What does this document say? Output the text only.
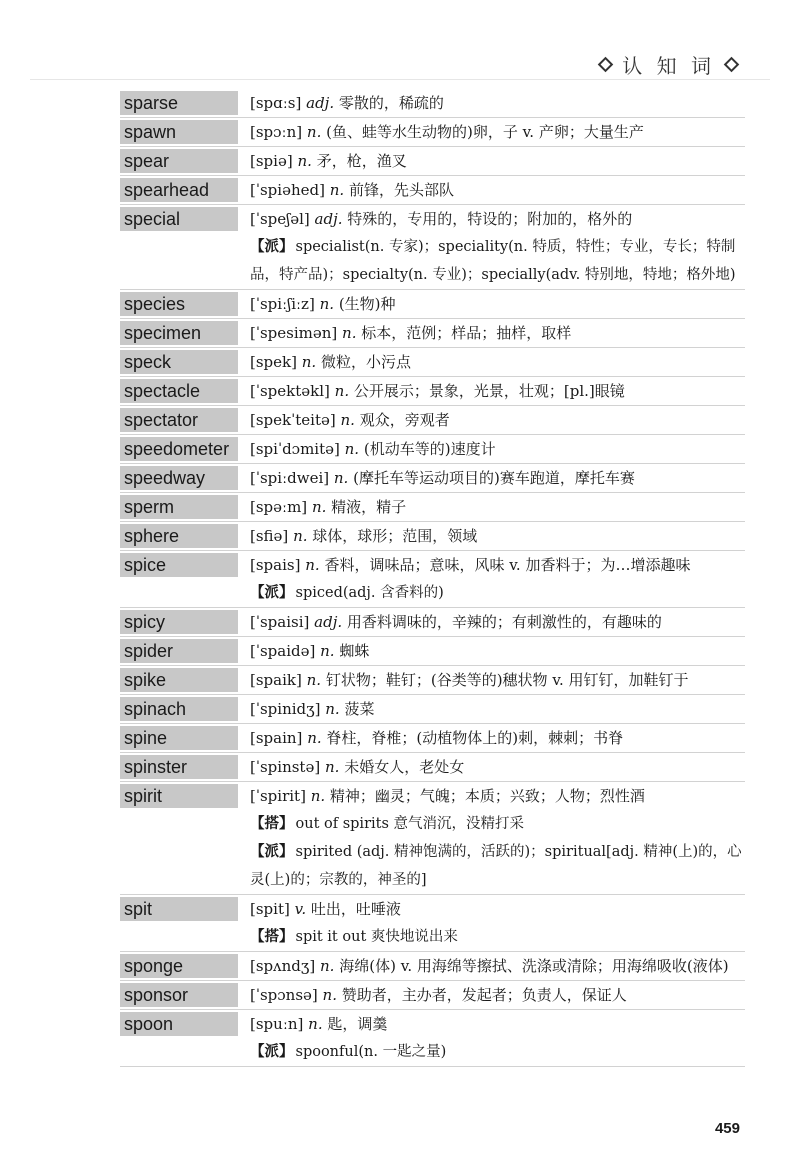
认 知 词
sparse	[spɑːs] adj. 零散的，稀疏的
spawn	[spɔːn] n. (鱼、蛙等水生动物的)卵，子 v. 产卵；大量生产
spear	[spiə] n. 矛，枪，渔叉
spearhead	[ˈspiəhed] n. 前锋，先头部队
special	[ˈspeʃəl] adj. 特殊的，专用的，特设的；附加的，格外的
【派】 specialist(n. 专家)；speciality(n. 特质，特性；专业，专长；特制品，特产品)；specialty(n. 专业)；specially(adv. 特别地，特地；格外地)
species	[ˈspiːʃiːz] n. (生物)种
specimen	[ˈspesimən] n. 标本，范例；样品；抽样，取样
speck	[spek] n. 微粒，小污点
spectacle	[ˈspektəkl] n. 公开展示；景象，光景，壮观；[pl.]眼镜
spectator	[spekˈteitə] n. 观众，旁观者
speedometer	[spiˈdɔmitə] n. (机动车等的)速度计
speedway	[ˈspiːdwei] n. (摩托车等运动项目的)赛车跑道，摩托车赛
sperm	[spəːm] n. 精液，精子
sphere	[sfiə] n. 球体，球形；范围，领域
spice	[spais] n. 香料，调味品；意味，风味 v. 加香料于；为…增添趣味
【派】 spiced(adj. 含香料的)
spicy	[ˈspaisi] adj. 用香料调味的，辛辣的；有刺激性的，有趣味的
spider	[ˈspaidə] n. 蜘蛛
spike	[spaik] n. 钉状物；鞋钉；(谷类等的)穗状物 v. 用钉钉，加鞋钉于
spinach	[ˈspinidʒ] n. 菠菜
spine	[spain] n. 脊柱，脊椎；(动植物体上的)刺，棘刺；书脊
spinster	[ˈspinstə] n. 未婚女人，老处女
spirit	[ˈspirit] n. 精神；幽灵；气魄；本质；兴致；人物；烈性酒
【搭】 out of spirits 意气消沉，没精打采
【派】 spirited (adj. 精神饱满的，活跃的)；spiritual[adj. 精神(上)的，心灵(上)的；宗教的，神圣的]
spit	[spit] v. 吐出，吐唾液
【搭】 spit it out 爽快地说出来
sponge	[spʌndʒ] n. 海绵(体) v. 用海绵等擦拭、洗涤或清除；用海绵吸收(液体)
sponsor	[ˈspɔnsə] n. 赞助者，主办者，发起者；负责人，保证人
spoon	[spuːn] n. 匙，调羹
【派】 spoonful(n. 一匙之量)
459
